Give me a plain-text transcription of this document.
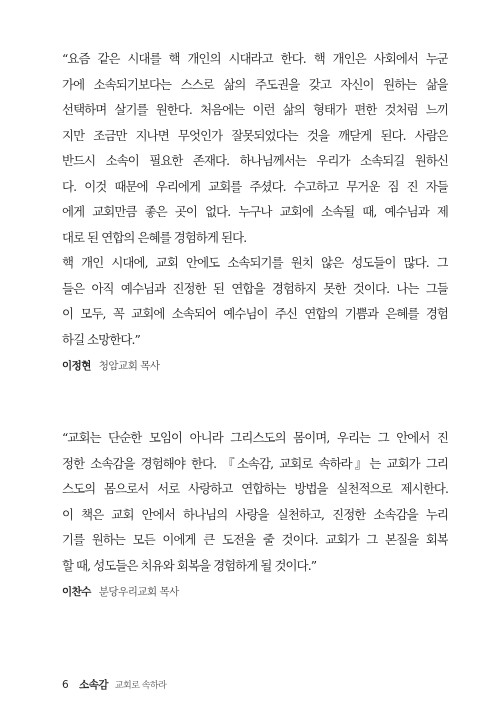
“요즘 같은 시대를 핵 개인의 시대라고 한다. 핵 개인은 사회에서 누군
가에 소속되기보다는 스스로 삶의 주도권을 갖고 자신이 원하는 삶을
선택하며 살기를 원한다. 처음에는 이런 삶의 형태가 편한 것처럼 느끼
지만 조금만 지나면 무엇인가 잘못되었다는 것을 깨닫게 된다. 사람은
반드시 소속이 필요한 존재다. 하나님께서는 우리가 소속되길 원하신
다. 이것 때문에 우리에게 교회를 주셨다. 수고하고 무거운 짐 진 자들
에게 교회만큼 좋은 곳이 없다. 누구나 교회에 소속될 때, 예수님과 제
대로 된 연합의 은혜를 경험하게 된다.
핵 개인 시대에, 교회 안에도 소속되기를 원치 않은 성도들이 많다. 그
들은 아직 예수님과 진정한 된 연합을 경험하지 못한 것이다. 나는 그들
이 모두, 꼭 교회에 소속되어 예수님이 주신 연합의 기쁨과 은혜를 경험
하길 소망한다.”
이정현 청암교회 목사
“교회는 단순한 모임이 아니라 그리스도의 몸이며, 우리는 그 안에서 진
정한 소속감을 경험해야 한다. 『소속감, 교회로 속하라』는 교회가 그리
스도의 몸으로서 서로 사랑하고 연합하는 방법을 실천적으로 제시한다.
이 책은 교회 안에서 하나님의 사랑을 실천하고, 진정한 소속감을 누리
기를 원하는 모든 이에게 큰 도전을 줄 것이다. 교회가 그 본질을 회복
할 때, 성도들은 치유와 회복을 경험하게 될 것이다.”
이찬수 분당우리교회 목사
6 소속감 교회로 속하라
